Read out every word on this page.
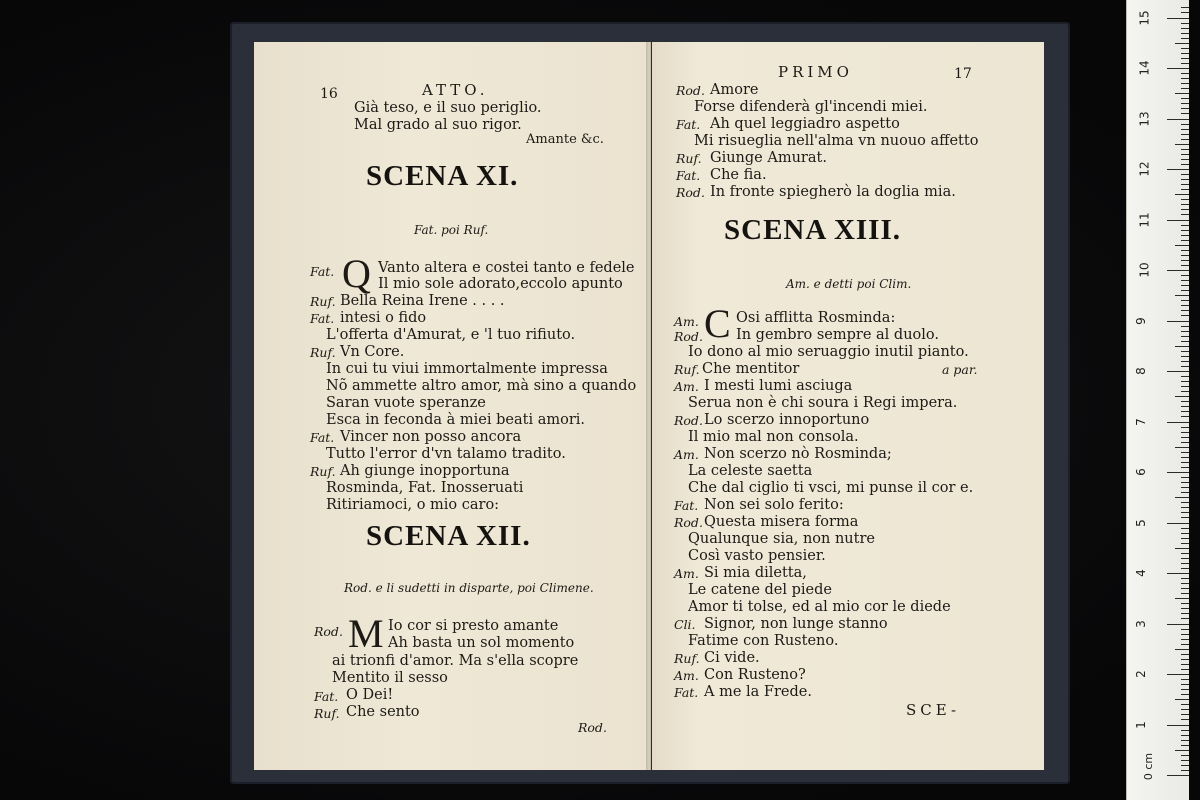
16	ATTO.
Già teso, e il suo periglio.
Mal grado al suo rigor.
Amante &c.
SCENA XI.
Fat. poi Ruf.
Q
Fat.	Vanto altera e costei tanto e fedele
Il mio sole adorato,eccolo apunto
Ruf. Bella Reina Irene . . . .
Fat. intesi o fido
L'offerta d'Amurat, e 'l tuo rifiuto.
Ruf. Vn Core.
In cui tu viui immortalmente impressa
Nõ ammette altro amor, mà sino a quando
Saran vuote speranze
Esca in feconda à miei beati amori.
Fat. Vincer non posso ancora
Tutto l'error d'vn talamo tradito.
Ruf. Ah giunge inopportuna
Rosminda, Fat. Inosseruati
Ritiriamoci, o mio caro:
SCENA XII.
Rod. e li sudetti in disparte, poi Climene.
M
Rod.	Io cor si presto amante
Ah basta un sol momento
ai trionfi d'amor. Ma s'ella scopre
Mentito il sesso
Fat. O Dei!
Ruf. Che sento
Rod.
PRIMO	17
Rod. Amore
Forse difenderà gl'incendi miei.
Fat. Ah quel leggiadro aspetto
Mi risueglia nell'alma vn nuouo affetto
Ruf. Giunge Amurat.
Fat. Che fia.
Rod. In fronte spiegherò la doglia mia.
SCENA XIII.
Am. e detti poi Clim.
C
Am.	Osi afflitta Rosminda:
Rod. In gembro sempre al duolo.
Io dono al mio seruaggio inutil pianto.
Ruf. Che mentitor	a par.
Am. I mesti lumi asciuga
Serua non è chi soura i Regi impera.
Rod. Lo scerzo innoportuno
Il mio mal non consola.
Am. Non scerzo nò Rosminda;
La celeste saetta
Che dal ciglio ti vsci, mi punse il cor e.
Fat. Non sei solo ferito:
Rod. Questa misera forma
Qualunque sia, non nutre
Così vasto pensier.
Am. Si mia diletta,
Le catene del piede
Amor ti tolse, ed al mio cor le diede
Cli. Signor, non lunge stanno
Fatime con Rusteno.
Ruf. Ci vide.
Am. Con Rusteno?
Fat. A me la Frede.
SCE-
1
2
3
4
5
6
7
8
9
10
11
12
13
14
15
0 cm
